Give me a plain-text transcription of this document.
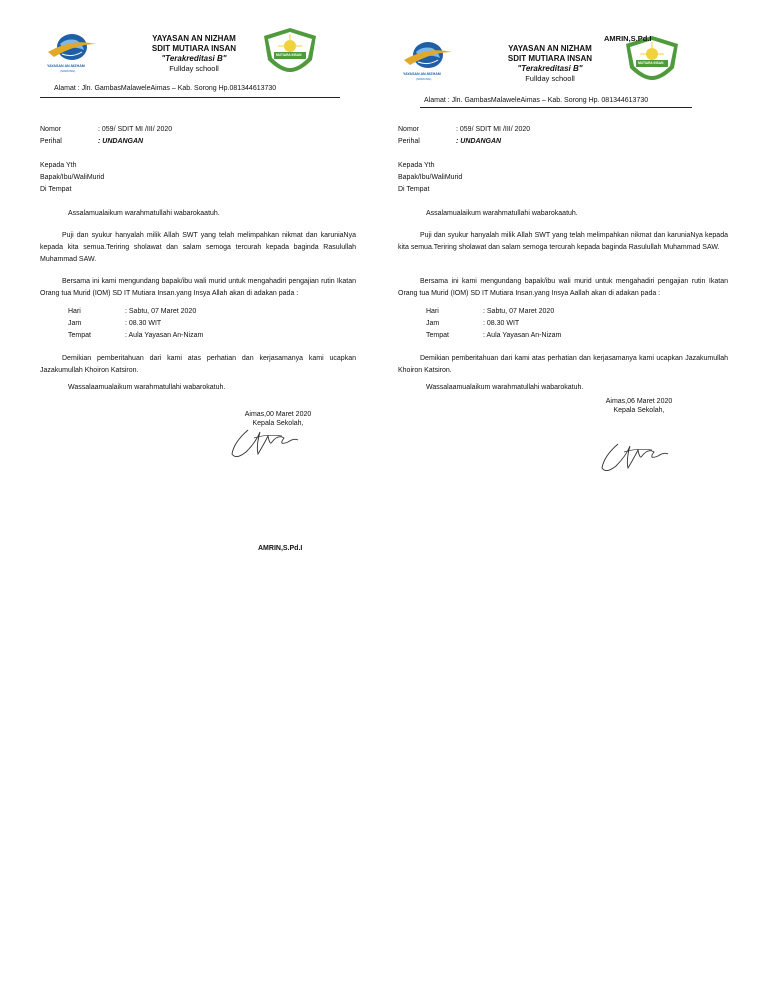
YAYASAN AN-NIZHAM
(SORONG)
YAYASAN AN NIZHAM
SDIT MUTIARA INSAN
"Terakreditasi B"
Fullday schooll
MUTIARA INSAN
Alamat : Jln. GambasMalaweleAimas – Kab. Sorong Hp.081344613730
Nomor	: 059/ SDIT MI /III/ 2020
Perihal	: UNDANGAN
Kepada Yth
Bapak/Ibu/WaliMurid
Di Tempat
Assalamualaikum warahmatullahi wabarokaatuh.
Puji dan syukur hanyalah milik Allah SWT yang telah melimpahkan nikmat dan karuniaNya kepada kita semua.Teriring sholawat dan salam semoga tercurah kepada baginda Rasulullah Muhammad SAW.
Bersama ini kami mengundang bapak/ibu wali murid untuk mengahadiri pengajian rutin Ikatan Orang tua Murid (IOM) SD IT Mutiara Insan.yang Insya Allah akan di adakan pada :
Hari	: Sabtu, 07 Maret 2020
Jam	: 08.30 WIT
Tempat	: Aula Yayasan An-Nizam
Demikian pemberitahuan dari kami atas perhatian dan kerjasamanya kami ucapkan Jazakumullah Khoiron Katsiron.
Wassalaamualaikum warahmatullahi wabarokatuh.
Aimas,00 Maret 2020
Kepala Sekolah,
YAYASAN AN-NIZHAM
(SORONG)
YAYASAN AN NIZHAM
SDIT MUTIARA INSAN
"Terakreditasi B"
Fullday schooll
MUTIARA INSAN
Alamat : Jln. GambasMalaweleAimas – Kab. Sorong Hp. 081344613730
Nomor	: 059/ SDIT MI /III/ 2020
Perihal	: UNDANGAN
Kepada Yth
Bapak/Ibu/WaliMurid
Di Tempat
Assalamualaikum warahmatullahi wabarokaatuh.
Puji dan syukur hanyalah milik Allah SWT yang telah melimpahkan nikmat dan karuniaNya kepada kita semua.Teriring sholawat dan salam semoga tercurah kepada baginda Rasulullah Muhammad SAW.
Bersama ini kami mengundang bapak/ibu wali murid untuk mengahadiri pengajian rutin Ikatan Orang tua Murid (IOM) SD IT Mutiara Insan.yang Insya Aallah akan di adakan pada :
Hari	: Sabtu, 07 Maret 2020
Jam	: 08.30 WIT
Tempat	: Aula Yayasan An-Nizam
Demikian pemberitahuan dari kami atas perhatian dan kerjasamanya kami ucapkan Jazakumullah Khoiron Katsiron.
Wassalaamualaikum warahmatullahi wabarokatuh.
Aimas,06 Maret 2020
Kepala Sekolah,
AMRIN,S.Pd.I
AMRIN,S.Pd.I
